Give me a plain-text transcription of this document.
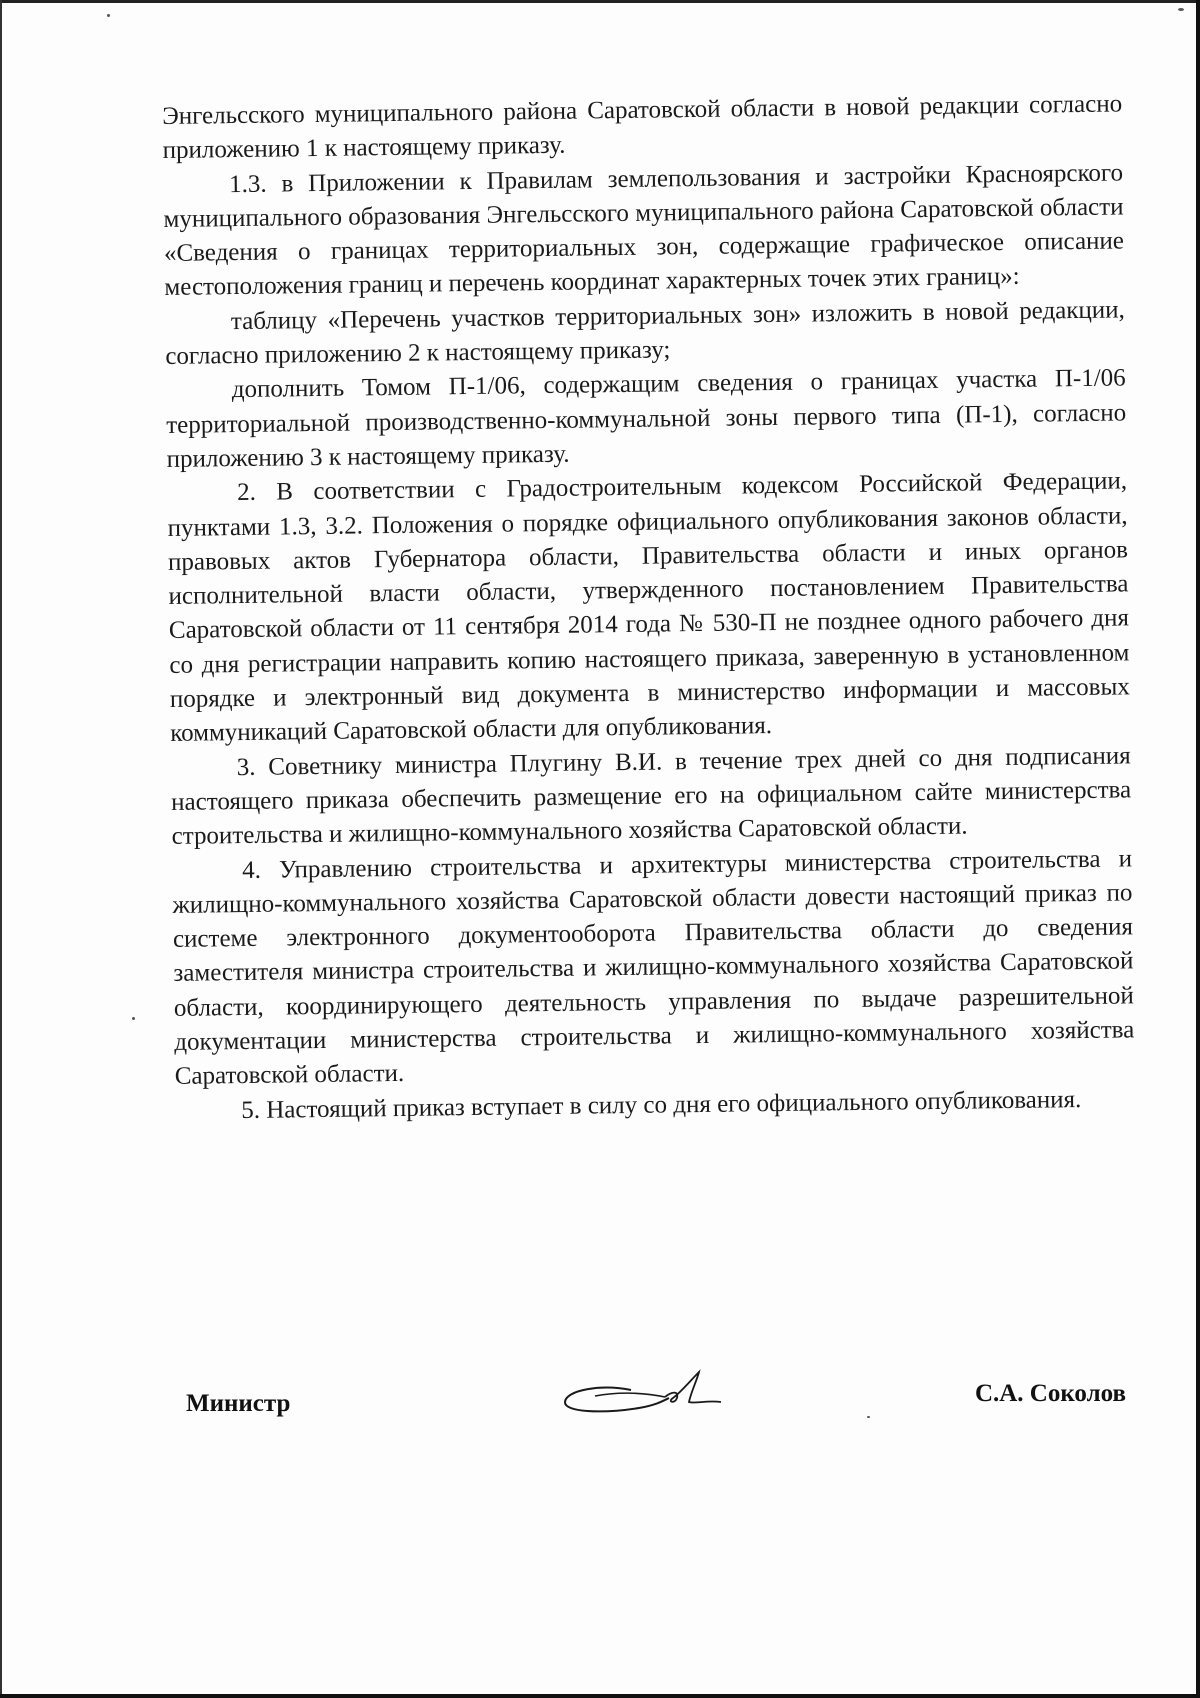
Энгельсского муниципального района Саратовской области в новой редакции согласно приложению 1 к настоящему приказу.

1.3. в Приложении к Правилам землепользования и застройки Красноярского муниципального образования Энгельсского муниципального района Саратовской области «Сведения о границах территориальных зон, содержащие графическое описание местоположения границ и перечень координат характерных точек этих границ»:

таблицу «Перечень участков территориальных зон» изложить в новой редакции, согласно приложению 2 к настоящему приказу;

дополнить Томом П-1/06, содержащим сведения о границах участка П-1/06 территориальной производственно-коммунальной зоны первого типа (П-1), согласно приложению 3 к настоящему приказу.

2. В соответствии с Градостроительным кодексом Российской Федерации, пунктами 1.3, 3.2. Положения о порядке официального опубликования законов области, правовых актов Губернатора области, Правительства области и иных органов исполнительной власти области, утвержденного постановлением Правительства Саратовской области от 11 сентября 2014 года № 530-П не позднее одного рабочего дня со дня регистрации направить копию настоящего приказа, заверенную в установленном порядке и электронный вид документа в министерство информации и массовых коммуникаций Саратовской области для опубликования.

3. Советнику министра Плугину В.И. в течение трех дней со дня подписания настоящего приказа обеспечить размещение его на официальном сайте министерства строительства и жилищно-коммунального хозяйства Саратовской области.

4. Управлению строительства и архитектуры министерства строительства и жилищно-коммунального хозяйства Саратовской области довести настоящий приказ по системе электронного документооборота Правительства области до сведения заместителя министра строительства и жилищно-коммунального хозяйства Саратовской области, координирующего деятельность управления по выдаче разрешительной документации министерства строительства и жилищно-коммунального хозяйства Саратовской области.

5. Настоящий приказ вступает в силу со дня его официального опубликования.

Министр	С.А. Соколов
